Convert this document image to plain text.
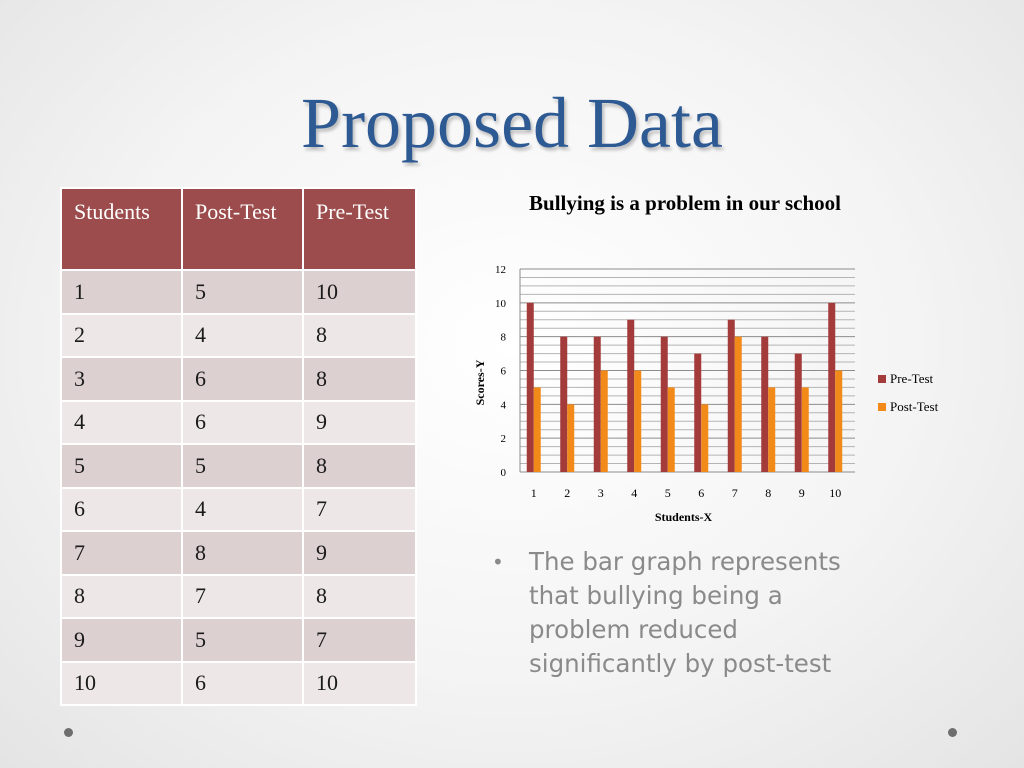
Proposed Data
Students	Post-Test	Pre-Test
1	5	10
2	4	8
3	6	8
4	6	9
5	5	8
6	4	7
7	8	9
8	7	8
9	5	7
10	6	10
Bullying is a problem in our school
0
2
4
6
8
10
12
1 2 3 4 5 6 7 8 9 10
Students-X
Scores-Y	Pre-Test
Post-Test
• The bar graph represents that bullying being a problem reduced significantly by post-test
